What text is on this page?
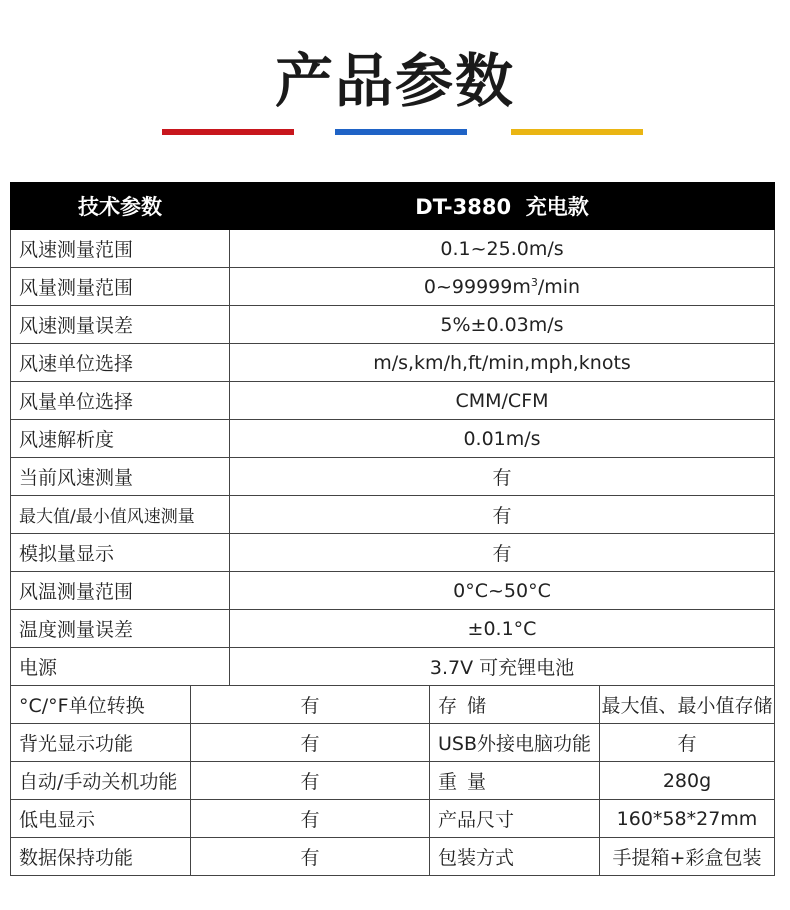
产品参数
技术参数		DT-3880  充电款		
风速测量范围		0.1~25.0m/s		
风量测量范围		$0\sim 99999m^3/\min$		
风速测量误差		5%±0.03m/s		
风速单位选择		m/s,km/h,ft/min,mph,knots		
风量单位选择		CMM/CFM		
风速解析度		0.01m/s		
当前风速测量		有		
最大值/最小值风速测量		有		
模拟量显示		有		
风温测量范围		0°C~50°C		
温度测量误差		±0.1°C		
电源		3.7V 可充锂电池		
°C/°F单位转换	有		存储	最大值、最小值存储
背光显示功能	有		USB外接电脑功能	有
自动/手动关机功能	有		重量	280g
低电显示	有		产品尺寸	160*58*27mm
数据保持功能	有		包装方式	手提箱+彩盒包装
